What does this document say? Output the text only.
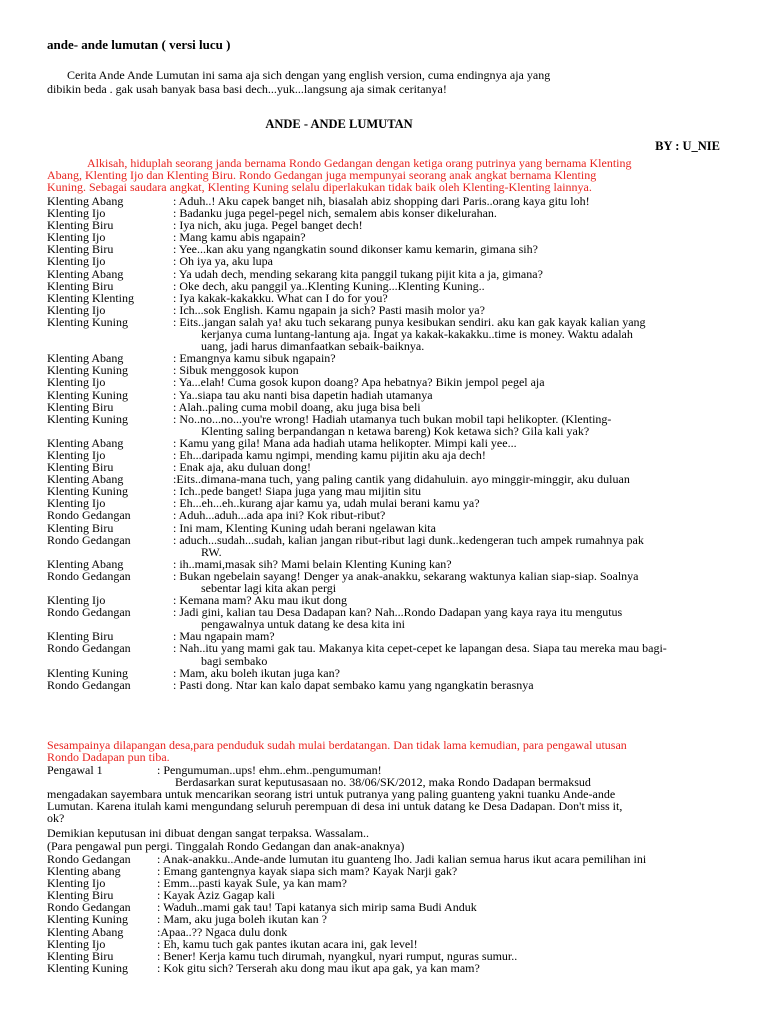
ande- ande lumutan ( versi lucu )
Cerita Ande Ande Lumutan ini sama aja sich dengan yang english version, cuma endingnya aja yang
dibikin beda . gak usah banyak basa basi dech...yuk...langsung aja simak ceritanya!
ANDE - ANDE LUMUTAN
BY : U_NIE
Alkisah, hiduplah seorang janda bernama Rondo Gedangan dengan ketiga orang putrinya yang bernama Klenting
Abang, Klenting Ijo dan Klenting Biru. Rondo Gedangan juga mempunyai seorang anak angkat bernama Klenting
Kuning. Sebagai saudara angkat, Klenting Kuning selalu diperlakukan tidak baik oleh Klenting-Klenting lainnya.
Klenting Abang	: Aduh..! Aku capek banget nih, biasalah abiz shopping dari Paris..orang kaya gitu loh!
Klenting Ijo	: Badanku juga pegel-pegel nich, semalem abis konser dikelurahan.
Klenting Biru	: Iya nich, aku juga. Pegel banget dech!
Klenting Ijo	: Mang kamu abis ngapain?
Klenting Biru	: Yee...kan aku yang ngangkatin sound dikonser kamu kemarin, gimana sih?
Klenting Ijo	: Oh iya ya, aku lupa
Klenting Abang	: Ya udah dech, mending sekarang kita panggil tukang pijit kita a ja, gimana?
Klenting Biru	: Oke dech, aku panggil ya..Klenting Kuning...Klenting Kuning..
Klenting Klenting	: Iya kakak-kakakku. What can I do for you?
Klenting Ijo	: Ich...sok English. Kamu ngapain ja sich? Pasti masih molor ya?
Klenting Kuning	: Eits..jangan salah ya! aku tuch sekarang punya kesibukan sendiri. aku kan gak kayak kalian yang
kerjanya cuma luntang-lantung aja. Ingat ya kakak-kakakku..time is money. Waktu adalah
uang, jadi harus dimanfaatkan sebaik-baiknya.
Klenting Abang	: Emangnya kamu sibuk ngapain?
Klenting Kuning	: Sibuk menggosok kupon
Klenting Ijo	: Ya...elah! Cuma gosok kupon doang? Apa hebatnya? Bikin jempol pegel aja
Klenting Kuning	: Ya..siapa tau aku nanti bisa dapetin hadiah utamanya
Klenting Biru	: Alah..paling cuma mobil doang, aku juga bisa beli
Klenting Kuning	: No..no...no...you're wrong! Hadiah utamanya tuch bukan mobil tapi helikopter. (Klenting-
Klenting saling berpandangan n ketawa bareng) Kok ketawa sich? Gila kali yak?
Klenting Abang	: Kamu yang gila! Mana ada hadiah utama helikopter. Mimpi kali yee...
Klenting Ijo	: Eh...daripada kamu ngimpi, mending kamu pijitin aku aja dech!
Klenting Biru	: Enak aja, aku duluan dong!
Klenting Abang	:Eits..dimana-mana tuch, yang paling cantik yang didahuluin. ayo minggir-minggir, aku duluan
Klenting Kuning	: Ich..pede banget! Siapa juga yang mau mijitin situ
Klenting Ijo	: Eh...eh...eh..kurang ajar kamu ya, udah mulai berani kamu ya?
Rondo Gedangan	: Aduh...aduh...ada apa ini? Kok ribut-ribut?
Klenting Biru	: Ini mam, Klenting Kuning udah berani ngelawan kita
Rondo Gedangan	: aduch...sudah...sudah, kalian jangan ribut-ribut lagi dunk..kedengeran tuch ampek rumahnya pak
RW.
Klenting Abang	: ih..mami,masak sih? Mami belain Klenting Kuning kan?
Rondo Gedangan	: Bukan ngebelain sayang! Denger ya anak-anakku, sekarang waktunya kalian siap-siap. Soalnya
sebentar lagi kita akan pergi
Klenting Ijo	: Kemana mam? Aku mau ikut dong
Rondo Gedangan	: Jadi gini, kalian tau Desa Dadapan kan? Nah...Rondo Dadapan yang kaya raya itu mengutus
pengawalnya untuk datang ke desa kita ini
Klenting Biru	: Mau ngapain mam?
Rondo Gedangan	: Nah..itu yang mami gak tau. Makanya kita cepet-cepet ke lapangan desa. Siapa tau mereka mau bagi-
bagi sembako
Klenting Kuning	: Mam, aku boleh ikutan juga kan?
Rondo Gedangan	: Pasti dong. Ntar kan kalo dapat sembako kamu yang ngangkatin berasnya
Sesampainya dilapangan desa,para penduduk sudah mulai berdatangan. Dan tidak lama kemudian, para pengawal utusan
Rondo Dadapan pun tiba.
Pengawal 1	: Pengumuman..ups! ehm..ehm..pengumuman!
Berdasarkan surat keputusasaan no. 38/06/SK/2012, maka Rondo Dadapan bermaksud
mengadakan sayembara untuk mencarikan seorang istri untuk putranya yang paling guanteng yakni tuanku Ande-ande
Lumutan. Karena itulah kami mengundang seluruh perempuan di desa ini untuk datang ke Desa Dadapan. Don't miss it,
ok?
Demikian keputusan ini dibuat dengan sangat terpaksa. Wassalam..
(Para pengawal pun pergi. Tinggalah Rondo Gedangan dan anak-anaknya)
Rondo Gedangan : Anak-anakku..Ande-ande lumutan itu guanteng lho. Jadi kalian semua harus ikut acara pemilihan ini
Klenting abang	: Emang gantengnya kayak siapa sich mam? Kayak Narji gak?
Klenting Ijo	: Emm...pasti kayak Sule, ya kan mam?
Klenting Biru	: Kayak Aziz Gagap kali
Rondo Gedangan : Waduh..mami gak tau! Tapi katanya sich mirip sama Budi Anduk
Klenting Kuning : Mam, aku juga boleh ikutan kan ?
Klenting Abang	:Apaa..?? Ngaca dulu donk
Klenting Ijo	: Eh, kamu tuch gak pantes ikutan acara ini, gak level!
Klenting Biru	: Bener! Kerja kamu tuch dirumah, nyangkul, nyari rumput, nguras sumur..
Klenting Kuning : Kok gitu sich? Terserah aku dong mau ikut apa gak, ya kan mam?
